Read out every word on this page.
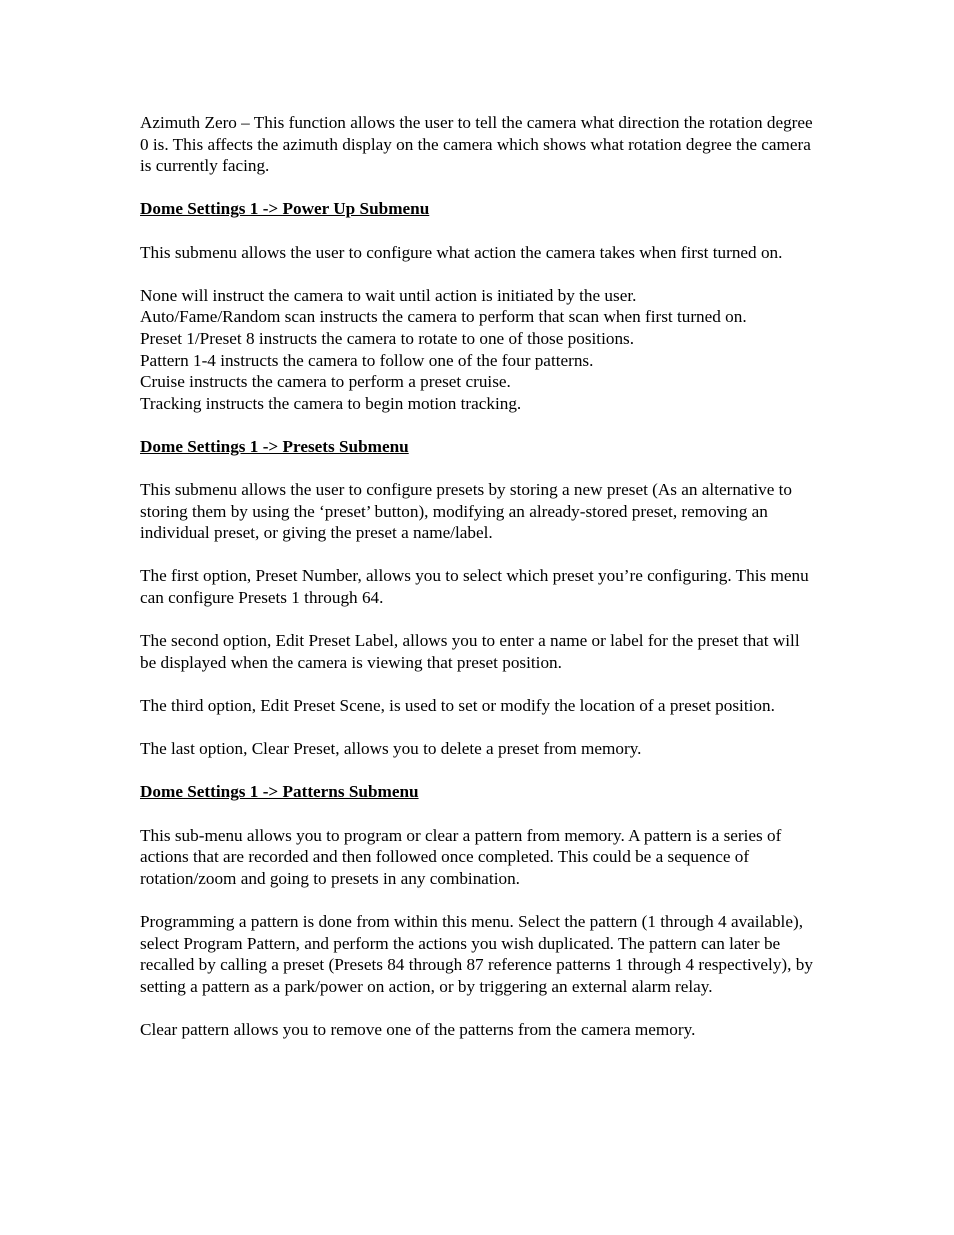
Azimuth Zero – This function allows the user to tell the camera what direction the rotation degree 0 is. This affects the azimuth display on the camera which shows what rotation degree the camera is currently facing.

Dome Settings 1 -> Power Up Submenu

This submenu allows the user to configure what action the camera takes when first turned on.

None will instruct the camera to wait until action is initiated by the user.
Auto/Fame/Random scan instructs the camera to perform that scan when first turned on.
Preset 1/Preset 8 instructs the camera to rotate to one of those positions.
Pattern 1-4 instructs the camera to follow one of the four patterns.
Cruise instructs the camera to perform a preset cruise.
Tracking instructs the camera to begin motion tracking.

Dome Settings 1 -> Presets Submenu

This submenu allows the user to configure presets by storing a new preset (As an alternative to storing them by using the ‘preset’ button), modifying an already-stored preset, removing an individual preset, or giving the preset a name/label.

The first option, Preset Number, allows you to select which preset you’re configuring. This menu can configure Presets 1 through 64.

The second option, Edit Preset Label, allows you to enter a name or label for the preset that will be displayed when the camera is viewing that preset position.

The third option, Edit Preset Scene, is used to set or modify the location of a preset position.

The last option, Clear Preset, allows you to delete a preset from memory.

Dome Settings 1 -> Patterns Submenu

This sub-menu allows you to program or clear a pattern from memory. A pattern is a series of actions that are recorded and then followed once completed. This could be a sequence of rotation/zoom and going to presets in any combination.

Programming a pattern is done from within this menu. Select the pattern (1 through 4 available), select Program Pattern, and perform the actions you wish duplicated. The pattern can later be recalled by calling a preset (Presets 84 through 87 reference patterns 1 through 4 respectively), by setting a pattern as a park/power on action, or by triggering an external alarm relay.

Clear pattern allows you to remove one of the patterns from the camera memory.
